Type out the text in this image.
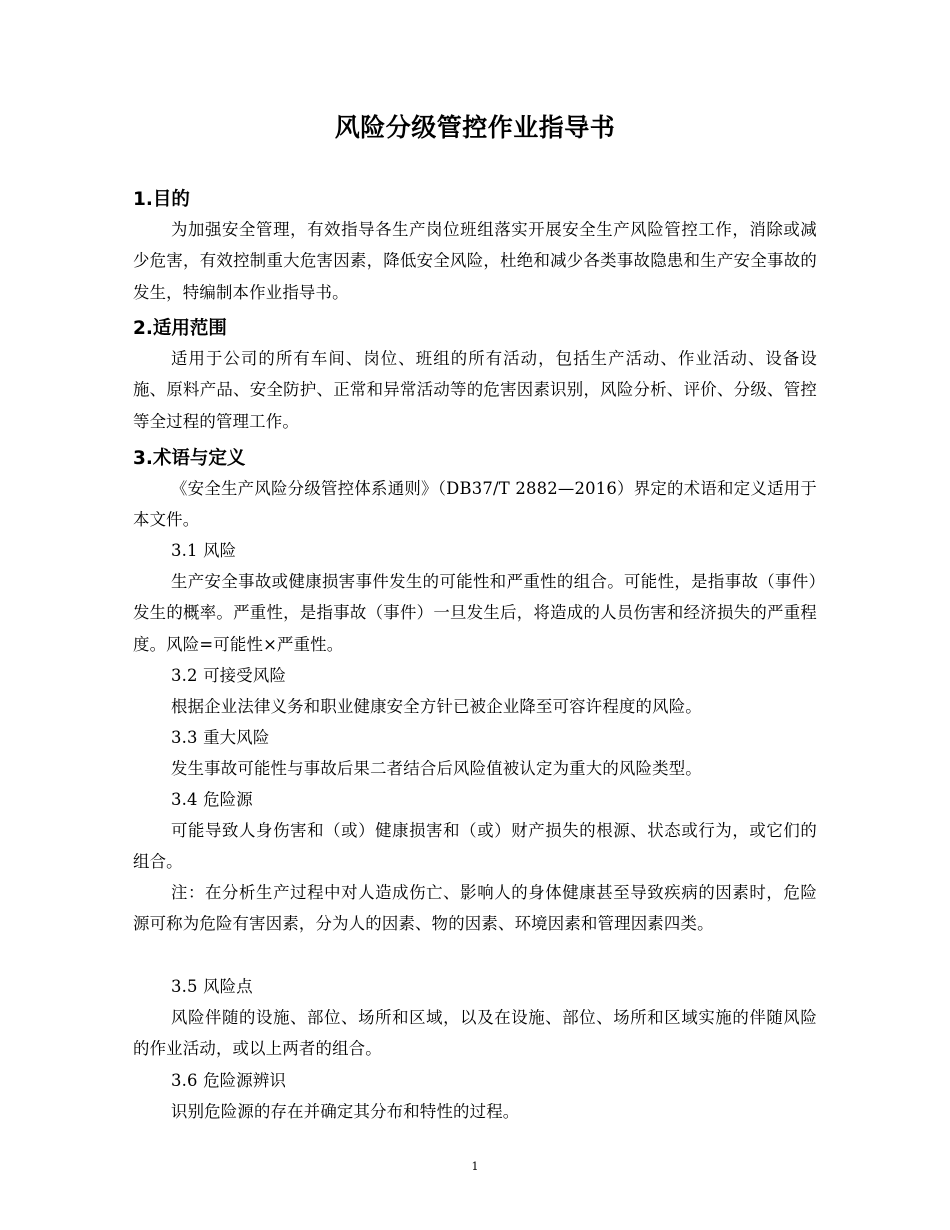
风险分级管控作业指导书
1.目的
为加强安全管理，有效指导各生产岗位班组落实开展安全生产风险管控工作，消除或减少危害，有效控制重大危害因素，降低安全风险，杜绝和减少各类事故隐患和生产安全事故的发生，特编制本作业指导书。
2.适用范围
适用于公司的所有车间、岗位、班组的所有活动，包括生产活动、作业活动、设备设施、原料产品、安全防护、正常和异常活动等的危害因素识别，风险分析、评价、分级、管控等全过程的管理工作。
3.术语与定义
《安全生产风险分级管控体系通则》（DB37/T 2882—2016）界定的术语和定义适用于本文件。
3.1 风险
生产安全事故或健康损害事件发生的可能性和严重性的组合。可能性，是指事故（事件）发生的概率。严重性，是指事故（事件）一旦发生后，将造成的人员伤害和经济损失的严重程度。风险=可能性×严重性。
3.2 可接受风险
根据企业法律义务和职业健康安全方针已被企业降至可容许程度的风险。
3.3 重大风险
发生事故可能性与事故后果二者结合后风险值被认定为重大的风险类型。
3.4 危险源
可能导致人身伤害和（或）健康损害和（或）财产损失的根源、状态或行为，或它们的组合。
注：在分析生产过程中对人造成伤亡、影响人的身体健康甚至导致疾病的因素时，危险源可称为危险有害因素，分为人的因素、物的因素、环境因素和管理因素四类。
3.5 风险点
风险伴随的设施、部位、场所和区域，以及在设施、部位、场所和区域实施的伴随风险的作业活动，或以上两者的组合。
3.6 危险源辨识
识别危险源的存在并确定其分布和特性的过程。
1
